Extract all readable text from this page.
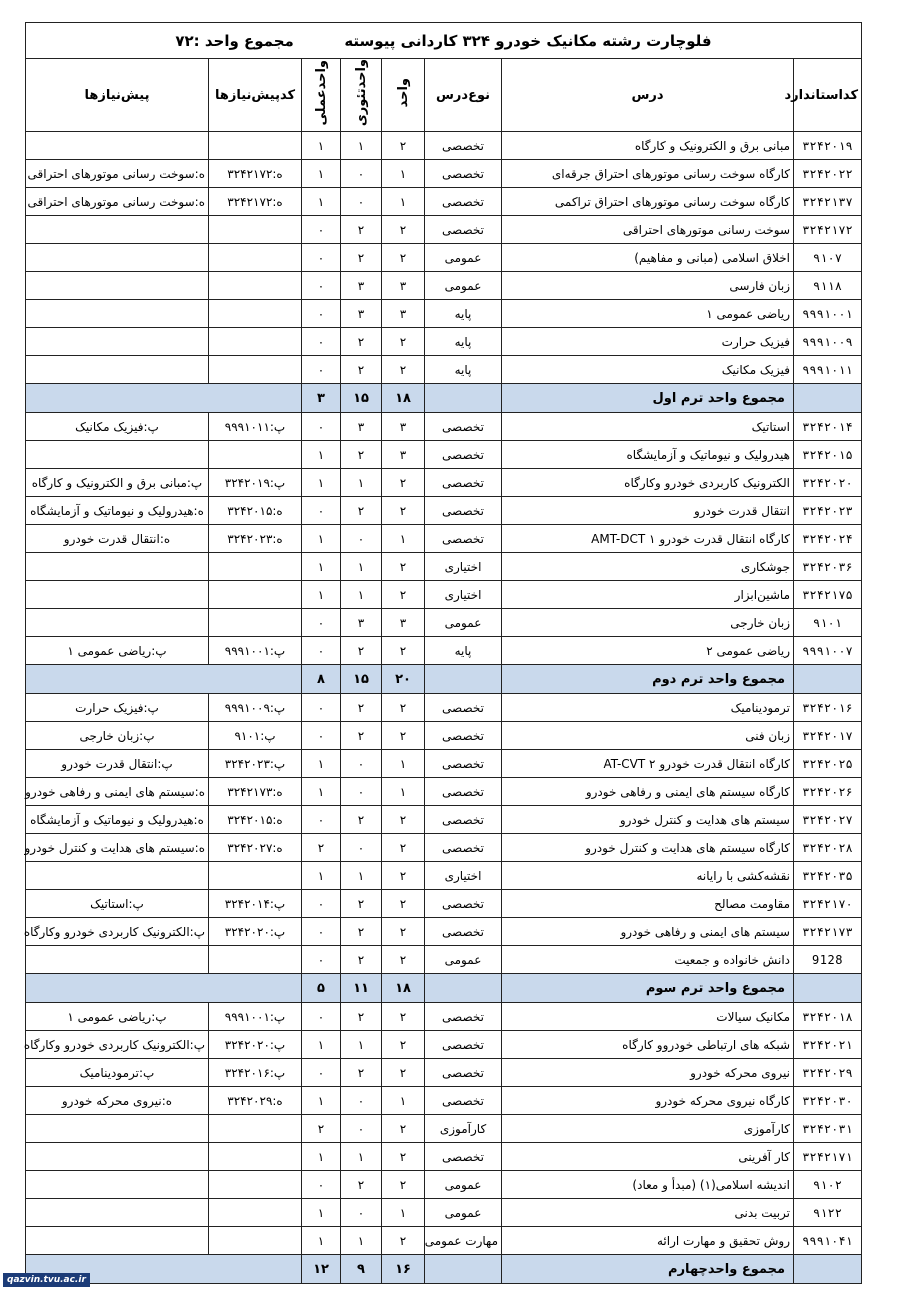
فلوچارت رشته مکانیک خودرو ۳۲۴ کاردانی پیوسته  مجموع واحد :۷۲							
کداستاندارد	درس	نوع‌درس	واحد	واحدتئوری	واحدعملی	کدپیش‌نیازها	پیش‌نیازها
۳۲۴۲۰۱۹	مبانی برق و الکترونیک و کارگاه	تخصصی	۲	۱	۱		
۳۲۴۲۰۲۲	کارگاه سوخت رسانی موتورهای احتراق جرقه‌ای	تخصصی	۱	۰	۱	ه:۳۲۴۲۱۷۲	ه:سوخت رسانی موتورهای احتراقی
۳۲۴۲۱۳۷	کارگاه سوخت رسانی موتورهای احتراق تراکمی	تخصصی	۱	۰	۱	ه:۳۲۴۲۱۷۲	ه:سوخت رسانی موتورهای احتراقی
۳۲۴۲۱۷۲	سوخت رسانی موتورهای احتراقی	تخصصی	۲	۲	۰		
۹۱۰۷	اخلاق اسلامی (مبانی و مفاهیم)	عمومی	۲	۲	۰		
۹۱۱۸	زبان فارسی	عمومی	۳	۳	۰		
۹۹۹۱۰۰۱	ریاضی عمومی ۱	پایه	۳	۳	۰		
۹۹۹۱۰۰۹	فیزیک حرارت	پایه	۲	۲	۰		
۹۹۹۱۰۱۱	فیزیک مکانیک	پایه	۲	۲	۰		
	مجموع واحد ترم اول		۱۸	۱۵	۳		
۳۲۴۲۰۱۴	استاتیک	تخصصی	۳	۳	۰	پ:۹۹۹۱۰۱۱	پ:فیزیک مکانیک
۳۲۴۲۰۱۵	هیدرولیک و نیوماتیک و آزمایشگاه	تخصصی	۳	۲	۱		
۳۲۴۲۰۲۰	الکترونیک کاربردی خودرو وکارگاه	تخصصی	۲	۱	۱	پ:۳۲۴۲۰۱۹	پ:مبانی برق و الکترونیک و کارگاه
۳۲۴۲۰۲۳	انتقال قدرت خودرو	تخصصی	۲	۲	۰	ه:۳۲۴۲۰۱۵	ه:هیدرولیک و نیوماتیک و آزمایشگاه
۳۲۴۲۰۲۴	کارگاه انتقال قدرت خودرو ۱ AMT-DCT	تخصصی	۱	۰	۱	ه:۳۲۴۲۰۲۳	ه:انتقال قدرت خودرو
۳۲۴۲۰۳۶	جوشکاری	اختیاری	۲	۱	۱		
۳۲۴۲۱۷۵	ماشین‌ابزار	اختیاری	۲	۱	۱		
۹۱۰۱	زبان خارجی	عمومی	۳	۳	۰		
۹۹۹۱۰۰۷	ریاضی عمومی ۲	پایه	۲	۲	۰	پ:۹۹۹۱۰۰۱	پ:ریاضی عمومی ۱
	مجموع واحد ترم دوم		۲۰	۱۵	۸		
۳۲۴۲۰۱۶	ترمودینامیک	تخصصی	۲	۲	۰	پ:۹۹۹۱۰۰۹	پ:فیزیک حرارت
۳۲۴۲۰۱۷	زبان فنی	تخصصی	۲	۲	۰	پ:۹۱۰۱	پ:زبان خارجی
۳۲۴۲۰۲۵	کارگاه انتقال قدرت خودرو ۲ AT-CVT	تخصصی	۱	۰	۱	پ:۳۲۴۲۰۲۳	پ:انتقال قدرت خودرو
۳۲۴۲۰۲۶	کارگاه سیستم های ایمنی و رفاهی خودرو	تخصصی	۱	۰	۱	ه:۳۲۴۲۱۷۳	ه:سیستم های ایمنی و رفاهی خودرو
۳۲۴۲۰۲۷	سیستم های هدایت و کنترل خودرو	تخصصی	۲	۲	۰	ه:۳۲۴۲۰۱۵	ه:هیدرولیک و نیوماتیک و آزمایشگاه
۳۲۴۲۰۲۸	کارگاه سیستم های هدایت و کنترل خودرو	تخصصی	۲	۰	۲	ه:۳۲۴۲۰۲۷	ه:سیستم های هدایت و کنترل خودرو
۳۲۴۲۰۳۵	نقشه‌کشی با رایانه	اختیاری	۲	۱	۱		
۳۲۴۲۱۷۰	مقاومت مصالح	تخصصی	۲	۲	۰	پ:۳۲۴۲۰۱۴	پ:استاتیک
۳۲۴۲۱۷۳	سیستم های ایمنی و رفاهی خودرو	تخصصی	۲	۲	۰	پ:۳۲۴۲۰۲۰	پ:الکترونیک کاربردی خودرو وکارگاه
9128	دانش خانواده و جمعیت	عمومی	۲	۲	۰		
	مجموع واحد ترم سوم		۱۸	۱۱	۵		
۳۲۴۲۰۱۸	مکانیک سیالات	تخصصی	۲	۲	۰	پ:۹۹۹۱۰۰۱	پ:ریاضی عمومی ۱
۳۲۴۲۰۲۱	شبکه های ارتباطی خودروو کارگاه	تخصصی	۲	۱	۱	پ:۳۲۴۲۰۲۰	پ:الکترونیک کاربردی خودرو وکارگاه
۳۲۴۲۰۲۹	نیروی محرکه خودرو	تخصصی	۲	۲	۰	پ:۳۲۴۲۰۱۶	پ:ترمودینامیک
۳۲۴۲۰۳۰	کارگاه نیروی محرکه خودرو	تخصصی	۱	۰	۱	ه:۳۲۴۲۰۲۹	ه:نیروی محرکه خودرو
۳۲۴۲۰۳۱	کارآموزی	کارآموزی	۲	۰	۲		
۳۲۴۲۱۷۱	کار آفرینی	تخصصی	۲	۱	۱		
۹۱۰۲	اندیشه اسلامی(۱) (مبدأ و معاد)	عمومی	۲	۲	۰		
۹۱۲۲	تربیت بدنی	عمومی	۱	۰	۱		
۹۹۹۱۰۴۱	روش تحقیق و مهارت ارائه	مهارت عمومی	۲	۱	۱		
	مجموع واحدچهارم		۱۶	۹	۱۲		
qazvin.tvu.ac.ir
